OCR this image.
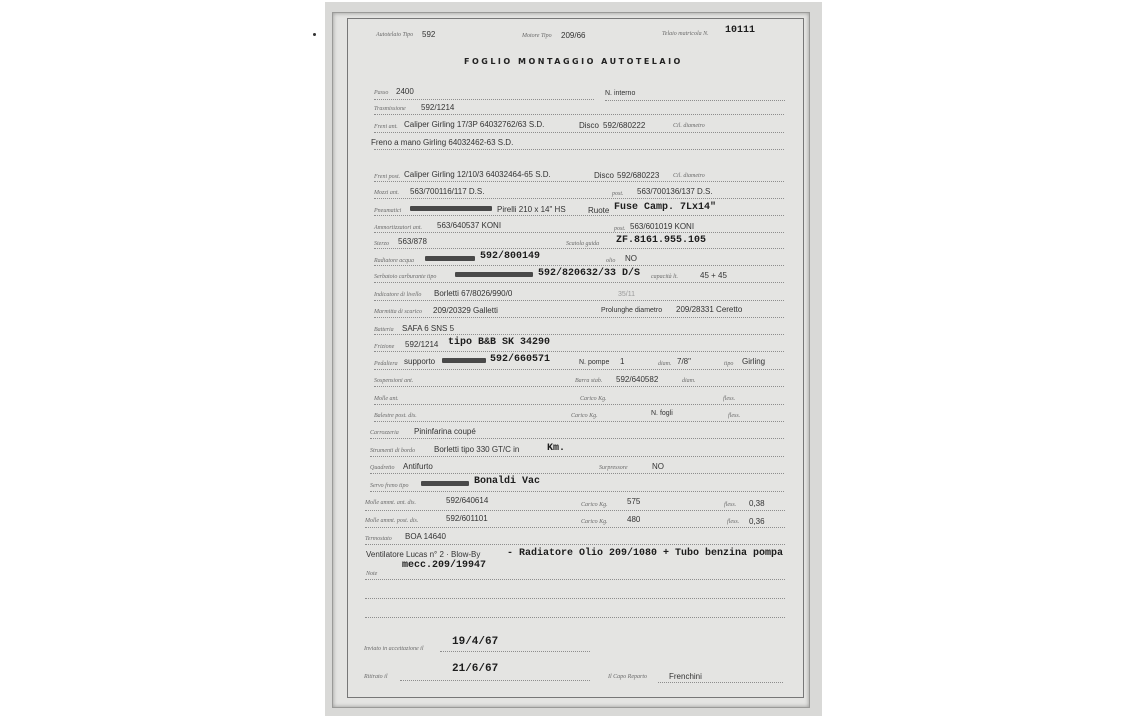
Autotelaio Tipo 592	Motore Tipo 209/66	Telaio matricola N. 10111
FOGLIO MONTAGGIO AUTOTELAIO
Passo 2400	N. interno
Trasmissione 592/1214
Freni ant. Caliper Girling 17/3P 64032762/63 S.D.	Disco 592/680222	Cil. diametro
Freno a mano Girling 64032462-63 S.D.
Freni post. Caliper Girling 12/10/3 64032464-65 S.D.	Disco 592/680223 Cil. diametro
Mozzi ant. 563/700116/117 D.S.	post. 563/700136/137 D.S.
Pneumatici	Pirelli 210 x 14" HS	Ruote Fuse Camp. 7Lx14"
Ammortizzatori ant. 563/640537 KONI	post. 563/601019 KONI
Sterzo 563/878	Scatola guida ZF.8161.955.105
Radiatore acqua	592/800149	olio NO
Serbatoio carburante tipo	592/820632/33 D/S capacità lt.	45 + 45
Indicatore di livello Borletti 67/8026/990/0	35/11
Marmitta di scarico 209/20329 Galletti	Prolunghe diametro 209/28331 Ceretto
Batteria SAFA 6 SNS 5
Frizione 592/1214 tipo B&B SK 34290
Pedaliera supporto	592/660571	N. pompe 1	diam. 7/8"	tipo Girling
Sospensioni ant.	Barra stab. 592/640582	diam.
Molle ant.	Carico Kg.	fless.
Balestre post. dis.	Carico Kg.	N. fogli	fless.
Carrozzeria Pininfarina coupé
Strumenti di bordo Borletti tipo 330 GT/C in	Km.
Quadretto Antifurto	Surpressore	NO
Servo freno tipo	Bonaldi Vac
Molle ammt. ant. dis.	592/640614	Carico Kg. 575	fless. 0,38
Molle ammt. post. dis.	592/601101	Carico Kg. 480	fless. 0,36
Termostato BOA 14640
Ventilatore Lucas n° 2 · Blow-By	- Radiatore Olio 209/1080 + Tubo benzina pompa
mecc.209/19947
Note
Inviato in accettazione il
19/4/67
Ritirato il
21/6/67
Il Capo Reparto	Frenchini
